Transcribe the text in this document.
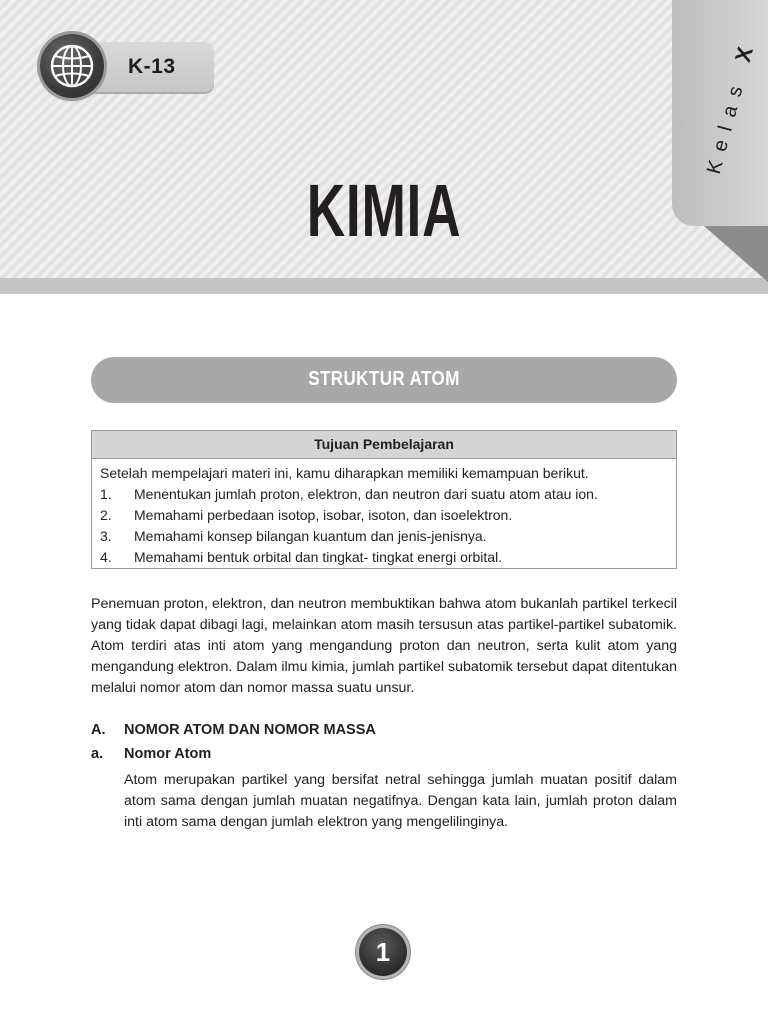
K-13
Kelas X
KIMIA
STRUKTUR ATOM
Tujuan Pembelajaran
Setelah mempelajari materi ini, kamu diharapkan memiliki kemampuan berikut.
1.	Menentukan jumlah proton, elektron, dan neutron dari suatu atom atau ion.
2.	Memahami perbedaan isotop, isobar, isoton, dan isoelektron.
3.	Memahami konsep bilangan kuantum dan jenis-jenisnya.
4.	Memahami bentuk orbital dan tingkat- tingkat energi orbital.
Penemuan proton, elektron, dan neutron membuktikan bahwa atom bukanlah partikel terkecil yang tidak dapat dibagi lagi, melainkan atom masih tersusun atas partikel-partikel subatomik. Atom terdiri atas inti atom yang mengandung proton dan neutron, serta kulit atom yang mengandung elektron. Dalam ilmu kimia, jumlah partikel subatomik tersebut dapat ditentukan melalui nomor atom dan nomor massa suatu unsur.
A. NOMOR ATOM DAN NOMOR MASSA
a. Nomor Atom
Atom merupakan partikel yang bersifat netral sehingga jumlah muatan positif dalam atom sama dengan jumlah muatan negatifnya. Dengan kata lain, jumlah proton dalam inti atom sama dengan jumlah elektron yang mengelilinginya.
1
